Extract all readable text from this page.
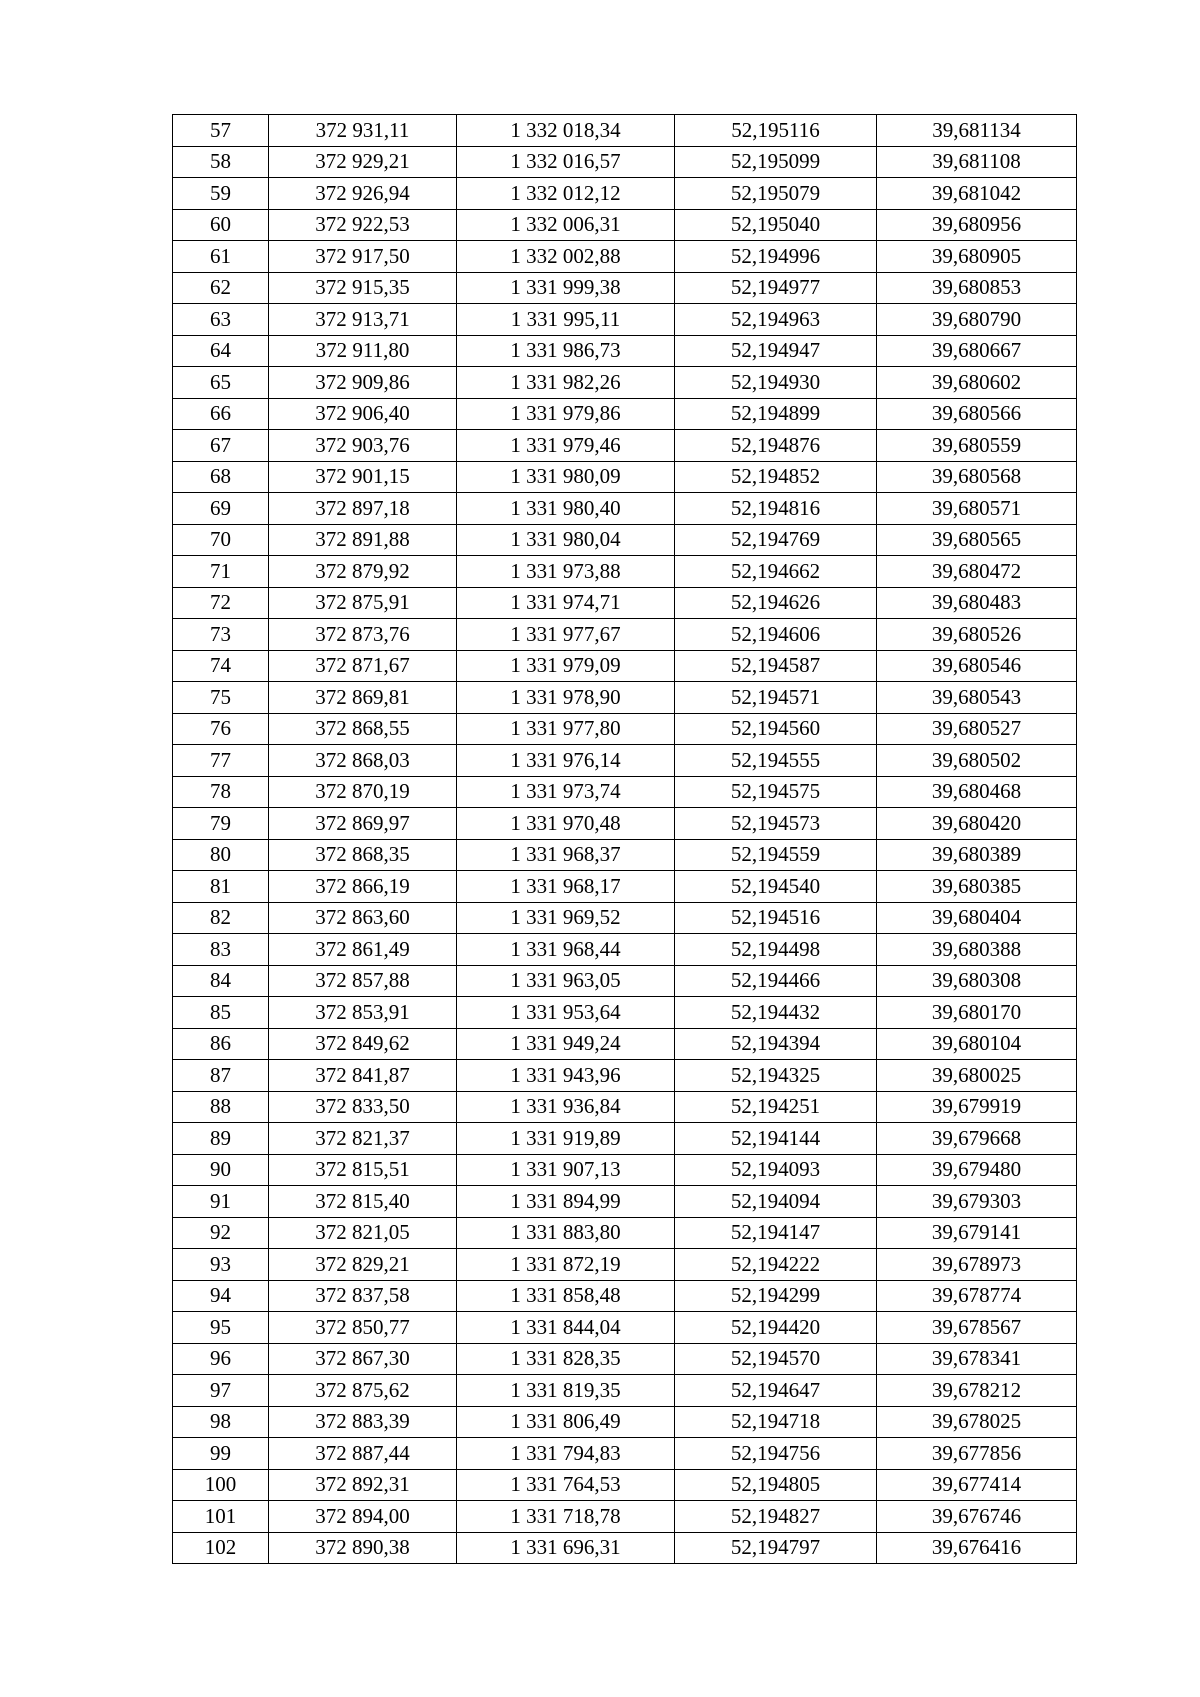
57	372 931,11	1 332 018,34	52,195116	39,681134
58	372 929,21	1 332 016,57	52,195099	39,681108
59	372 926,94	1 332 012,12	52,195079	39,681042
60	372 922,53	1 332 006,31	52,195040	39,680956
61	372 917,50	1 332 002,88	52,194996	39,680905
62	372 915,35	1 331 999,38	52,194977	39,680853
63	372 913,71	1 331 995,11	52,194963	39,680790
64	372 911,80	1 331 986,73	52,194947	39,680667
65	372 909,86	1 331 982,26	52,194930	39,680602
66	372 906,40	1 331 979,86	52,194899	39,680566
67	372 903,76	1 331 979,46	52,194876	39,680559
68	372 901,15	1 331 980,09	52,194852	39,680568
69	372 897,18	1 331 980,40	52,194816	39,680571
70	372 891,88	1 331 980,04	52,194769	39,680565
71	372 879,92	1 331 973,88	52,194662	39,680472
72	372 875,91	1 331 974,71	52,194626	39,680483
73	372 873,76	1 331 977,67	52,194606	39,680526
74	372 871,67	1 331 979,09	52,194587	39,680546
75	372 869,81	1 331 978,90	52,194571	39,680543
76	372 868,55	1 331 977,80	52,194560	39,680527
77	372 868,03	1 331 976,14	52,194555	39,680502
78	372 870,19	1 331 973,74	52,194575	39,680468
79	372 869,97	1 331 970,48	52,194573	39,680420
80	372 868,35	1 331 968,37	52,194559	39,680389
81	372 866,19	1 331 968,17	52,194540	39,680385
82	372 863,60	1 331 969,52	52,194516	39,680404
83	372 861,49	1 331 968,44	52,194498	39,680388
84	372 857,88	1 331 963,05	52,194466	39,680308
85	372 853,91	1 331 953,64	52,194432	39,680170
86	372 849,62	1 331 949,24	52,194394	39,680104
87	372 841,87	1 331 943,96	52,194325	39,680025
88	372 833,50	1 331 936,84	52,194251	39,679919
89	372 821,37	1 331 919,89	52,194144	39,679668
90	372 815,51	1 331 907,13	52,194093	39,679480
91	372 815,40	1 331 894,99	52,194094	39,679303
92	372 821,05	1 331 883,80	52,194147	39,679141
93	372 829,21	1 331 872,19	52,194222	39,678973
94	372 837,58	1 331 858,48	52,194299	39,678774
95	372 850,77	1 331 844,04	52,194420	39,678567
96	372 867,30	1 331 828,35	52,194570	39,678341
97	372 875,62	1 331 819,35	52,194647	39,678212
98	372 883,39	1 331 806,49	52,194718	39,678025
99	372 887,44	1 331 794,83	52,194756	39,677856
100	372 892,31	1 331 764,53	52,194805	39,677414
101	372 894,00	1 331 718,78	52,194827	39,676746
102	372 890,38	1 331 696,31	52,194797	39,676416
